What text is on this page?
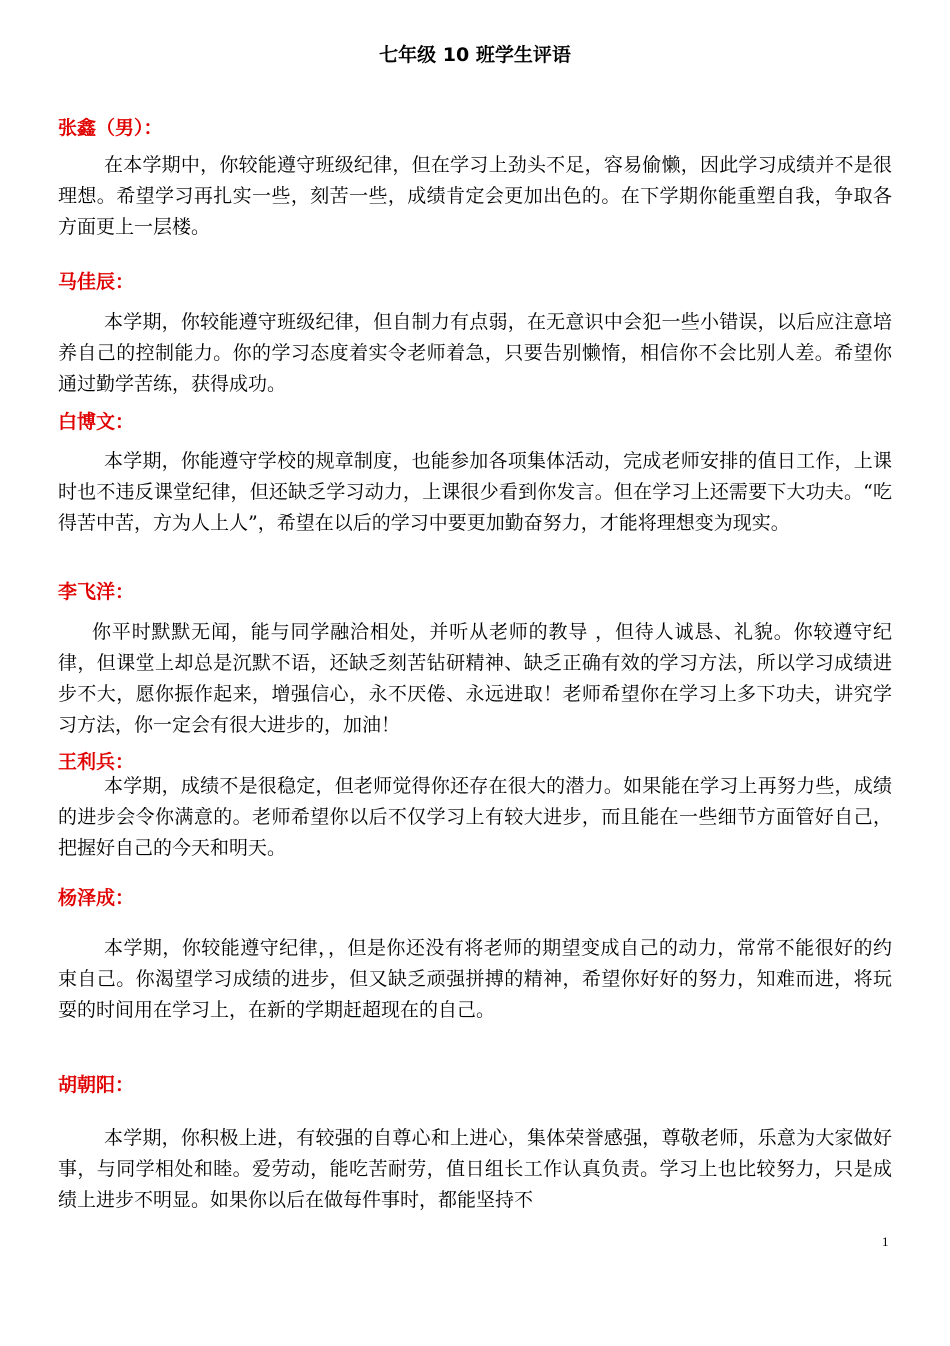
七年级 10 班学生评语
张鑫（男）：

在本学期中，你较能遵守班级纪律，但在学习上劲头不足，容易偷懒，因此学习成绩并不是很理想。希望学习再扎实一些，刻苦一些，成绩肯定会更加出色的。在下学期你能重塑自我，争取各方面更上一层楼。

马佳辰：

本学期，你较能遵守班级纪律，但自制力有点弱，在无意识中会犯一些小错误，以后应注意培养自己的控制能力。你的学习态度着实令老师着急，只要告别懒惰，相信你不会比别人差。希望你通过勤学苦练，获得成功。

白博文：

本学期，你能遵守学校的规章制度，也能参加各项集体活动，完成老师安排的值日工作，上课时也不违反课堂纪律，但还缺乏学习动力，上课很少看到你发言。但在学习上还需要下大功夫。“吃得苦中苦，方为人上人”，希望在以后的学习中要更加勤奋努力，才能将理想变为现实。

李飞洋：

你平时默默无闻，能与同学融洽相处，并听从老师的教导 ，但待人诚恳、礼貌。你较遵守纪律，但课堂上却总是沉默不语，还缺乏刻苦钻研精神、缺乏正确有效的学习方法，所以学习成绩进步不大，愿你振作起来，增强信心，永不厌倦、永远进取！老师希望你在学习上多下功夫，讲究学习方法，你一定会有很大进步的，加油！

王利兵：

本学期，成绩不是很稳定，但老师觉得你还存在很大的潜力。如果能在学习上再努力些，成绩的进步会令你满意的。老师希望你以后不仅学习上有较大进步，而且能在一些细节方面管好自己，把握好自己的今天和明天。

杨泽成：

本学期，你较能遵守纪律，，但是你还没有将老师的期望变成自己的动力，常常不能很好的约束自己。你渴望学习成绩的进步，但又缺乏顽强拼搏的精神，希望你好好的努力，知难而进，将玩耍的时间用在学习上，在新的学期赶超现在的自己。

胡朝阳：

本学期，你积极上进，有较强的自尊心和上进心，集体荣誉感强，尊敬老师，乐意为大家做好事，与同学相处和睦。爱劳动，能吃苦耐劳，值日组长工作认真负责。学习上也比较努力，只是成绩上进步不明显。如果你以后在做每件事时，都能坚持不

1
